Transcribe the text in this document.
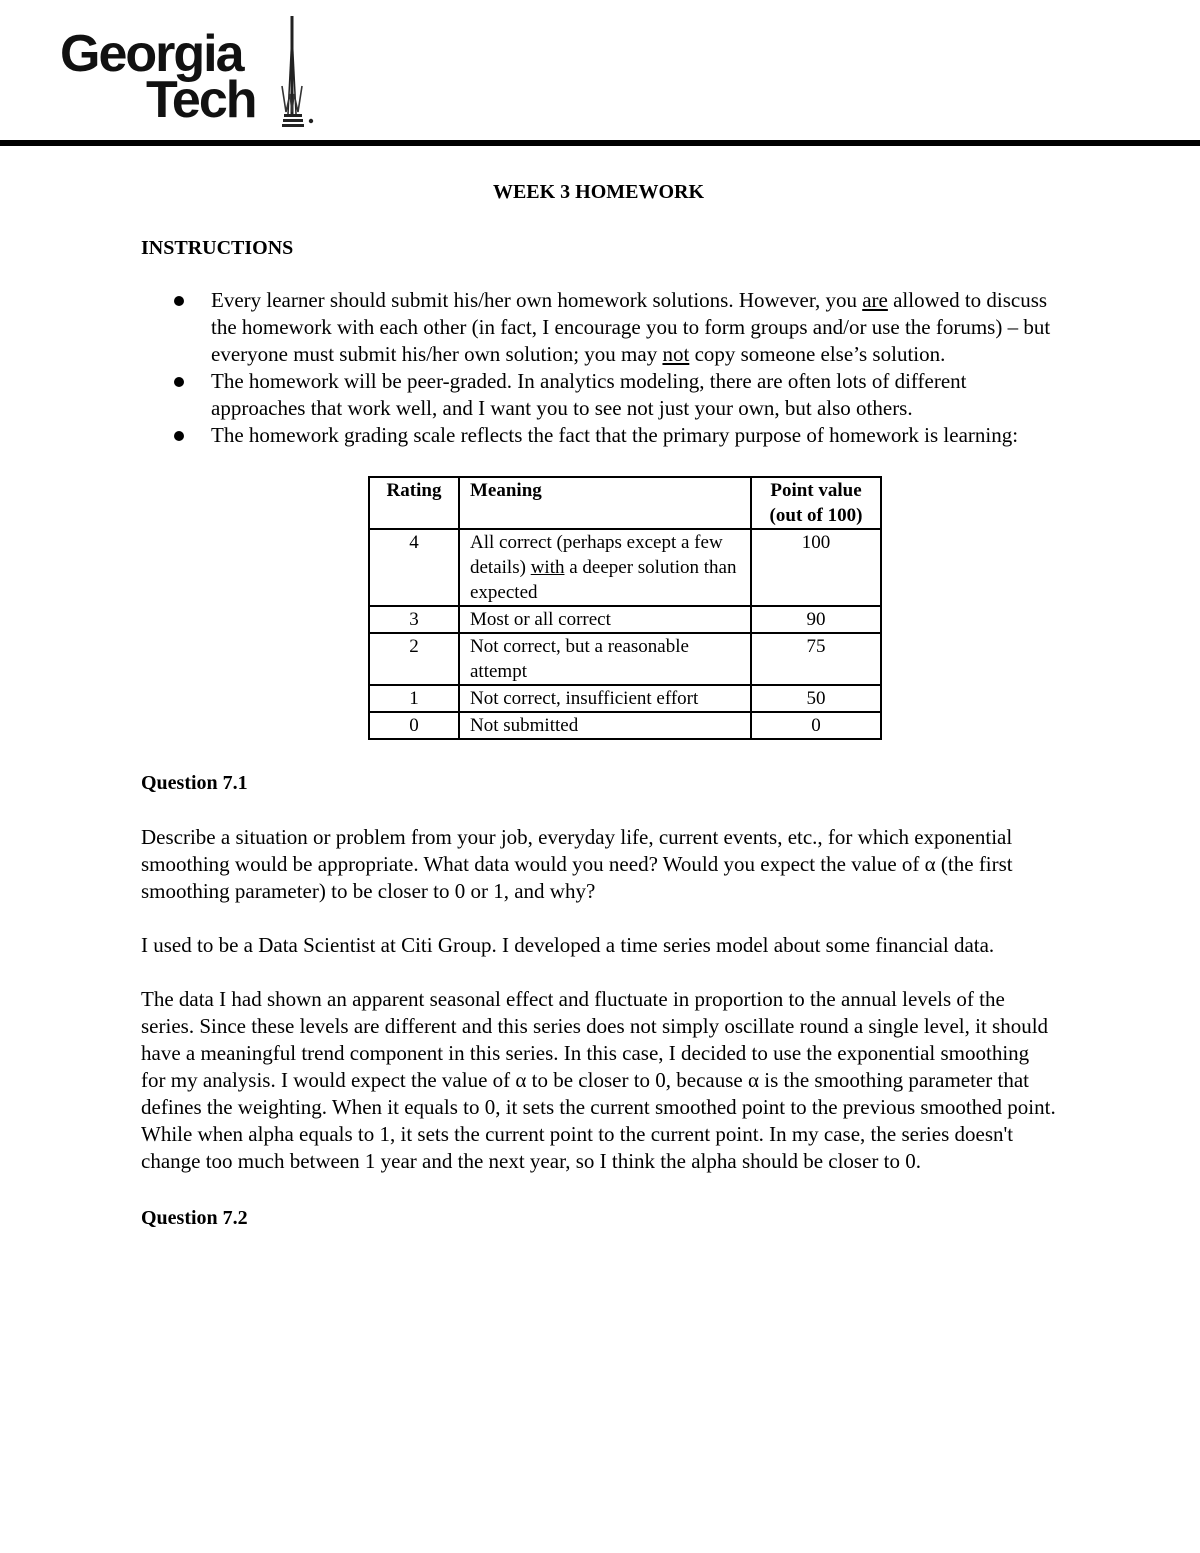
Georgia
Tech
WEEK 3 HOMEWORK
INSTRUCTIONS
Every learner should submit his/her own homework solutions. However, you are allowed to discuss the homework with each other (in fact, I encourage you to form groups and/or use the forums) – but everyone must submit his/her own solution; you may not copy someone else’s solution.
The homework will be peer-graded. In analytics modeling, there are often lots of different approaches that work well, and I want you to see not just your own, but also others.
The homework grading scale reflects the fact that the primary purpose of homework is learning:
Rating	Meaning	Point value
(out of 100)
4	All correct (perhaps except a few details) with a deeper solution than expected	100
3	Most or all correct	90
2	Not correct, but a reasonable attempt	75
1	Not correct, insufficient effort	50
0	Not submitted	0
Question 7.1

Describe a situation or problem from your job, everyday life, current events, etc., for which exponential smoothing would be appropriate. What data would you need? Would you expect the value of α (the first smoothing parameter) to be closer to 0 or 1, and why?

I used to be a Data Scientist at Citi Group. I developed a time series model about some financial data.

The data I had shown an apparent seasonal effect and fluctuate in proportion to the annual levels of the series. Since these levels are different and this series does not simply oscillate round a single level, it should have a meaningful trend component in this series. In this case, I decided to use the exponential smoothing for my analysis. I would expect the value of α to be closer to 0, because α is the smoothing parameter that defines the weighting. When it equals to 0, it sets the current smoothed point to the previous smoothed point. While when alpha equals to 1, it sets the current point to the current point. In my case, the series doesn't change too much between 1 year and the next year, so I think the alpha should be closer to 0.

Question 7.2
